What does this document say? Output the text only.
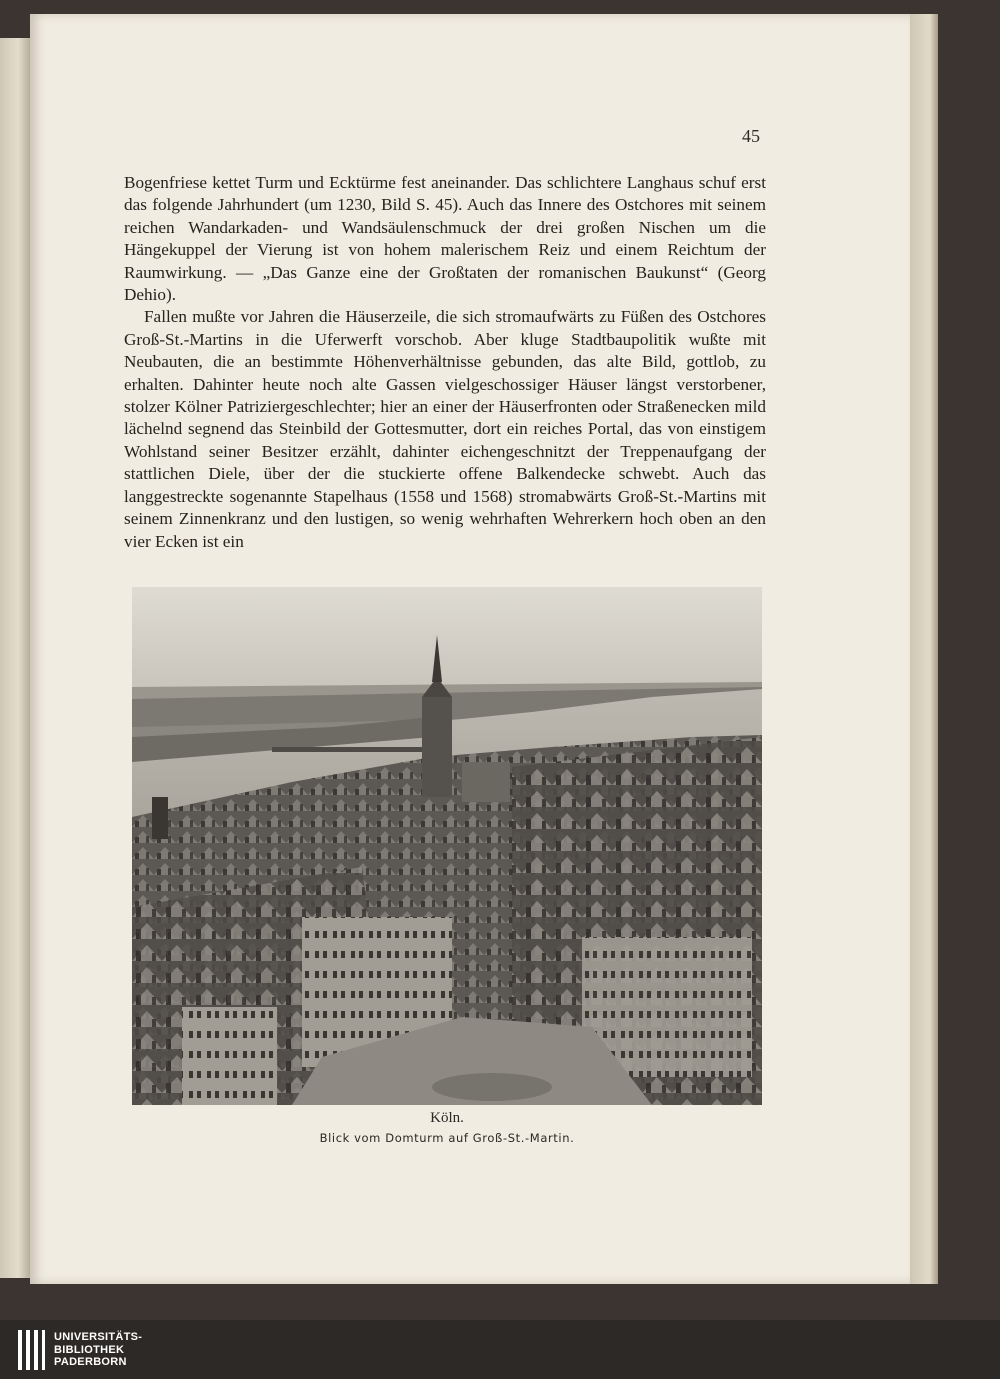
45

Bogenfriese kettet Turm und Ecktürme fest aneinander. Das schlichtere Langhaus schuf erst das folgende Jahrhundert (um 1230, Bild S. 45). Auch das Innere des Ostchores mit seinem reichen Wandarkaden- und Wandsäulenschmuck der drei großen Nischen um die Hängekuppel der Vierung ist von hohem malerischem Reiz und einem Reichtum der Raumwirkung. — „Das Ganze eine der Großtaten der romanischen Baukunst“ (Georg Dehio).

Fallen mußte vor Jahren die Häuserzeile, die sich stromaufwärts zu Füßen des Ostchores Groß-St.-Martins in die Uferwerft vorschob. Aber kluge Stadtbaupolitik wußte mit Neubauten, die an bestimmte Höhenverhältnisse gebunden, das alte Bild, gottlob, zu erhalten. Dahinter heute noch alte Gassen vielgeschossiger Häuser längst verstorbener, stolzer Kölner Patriziergeschlechter; hier an einer der Häuserfronten oder Straßenecken mild lächelnd segnend das Steinbild der Gottesmutter, dort ein reiches Portal, das von einstigem Wohlstand seiner Besitzer erzählt, dahinter eichengeschnitzt der Treppenaufgang der stattlichen Diele, über der die stuckierte offene Balkendecke schwebt. Auch das langgestreckte sogenannte Stapelhaus (1558 und 1568) stromabwärts Groß-St.-Martins mit seinem Zinnenkranz und den lustigen, so wenig wehrhaften Wehrerkern hoch oben an den vier Ecken ist ein

Köln.
Blick vom Domturm auf Groß-St.-Martin.
UNIVERSITÄTS-
BIBLIOTHEK
PADERBORN
